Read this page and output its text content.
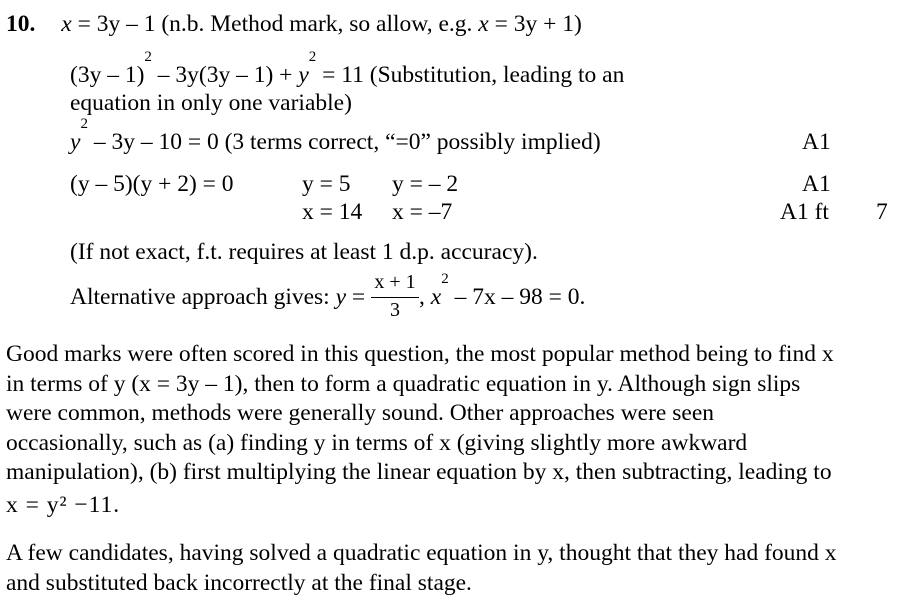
10. x = 3y – 1 (n.b. Method mark, so allow, e.g. x = 3y + 1)
$(3y - 1)^2 - 3y(3y - 1) + y^2 = 11$ (Substitution, leading to an
equation in only one variable)
$y^2 - 3y - 10 = 0$ (3 terms correct, “=0” possibly implied)	A1
(y – 5)(y + 2) = 0	y = 5 y = – 2	A1
x = 14 x = –7	A1 ft 7
(If not exact, f.t. requires at least 1 d.p. accuracy).
Alternative approach gives: $y = \frac{x + 1}{3}$ , $x^2 - 7x - 98 = 0$.
Good marks were often scored in this question, the most popular method being to find x
in terms of y (x = 3y – 1), then to form a quadratic equation in y. Although sign slips
were common, methods were generally sound. Other approaches were seen
occasionally, such as (a) finding y in terms of x (giving slightly more awkward
manipulation), (b) first multiplying the linear equation by x, then subtracting, leading to
x = y² −11.
A few candidates, having solved a quadratic equation in y, thought that they had found x
and substituted back incorrectly at the final stage.
